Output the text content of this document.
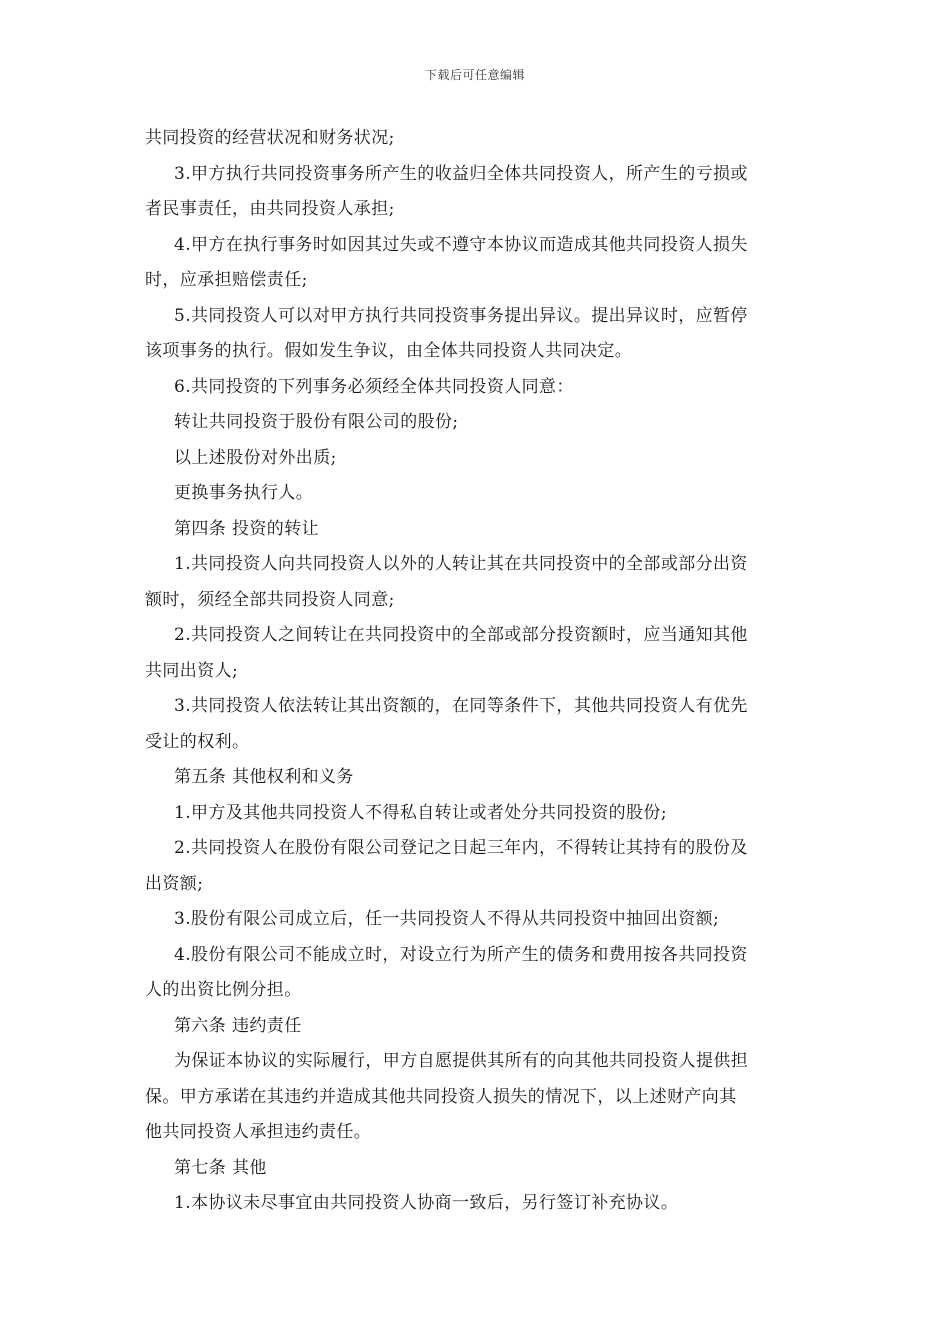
下载后可任意编辑
共同投资的经营状况和财务状况;
3.甲方执行共同投资事务所产生的收益归全体共同投资人，所产生的亏损或
者民事责任，由共同投资人承担;
4.甲方在执行事务时如因其过失或不遵守本协议而造成其他共同投资人损失
时，应承担赔偿责任;
5.共同投资人可以对甲方执行共同投资事务提出异议。提出异议时，应暂停
该项事务的执行。假如发生争议，由全体共同投资人共同决定。
6.共同投资的下列事务必须经全体共同投资人同意：
转让共同投资于股份有限公司的股份;
以上述股份对外出质;
更换事务执行人。
第四条 投资的转让
1.共同投资人向共同投资人以外的人转让其在共同投资中的全部或部分出资
额时，须经全部共同投资人同意;
2.共同投资人之间转让在共同投资中的全部或部分投资额时，应当通知其他
共同出资人;
3.共同投资人依法转让其出资额的，在同等条件下，其他共同投资人有优先
受让的权利。
第五条 其他权利和义务
1.甲方及其他共同投资人不得私自转让或者处分共同投资的股份;
2.共同投资人在股份有限公司登记之日起三年内，不得转让其持有的股份及
出资额;
3.股份有限公司成立后，任一共同投资人不得从共同投资中抽回出资额;
4.股份有限公司不能成立时，对设立行为所产生的债务和费用按各共同投资
人的出资比例分担。
第六条 违约责任
为保证本协议的实际履行，甲方自愿提供其所有的向其他共同投资人提供担
保。甲方承诺在其违约并造成其他共同投资人损失的情况下，以上述财产向其
他共同投资人承担违约责任。
第七条 其他
1.本协议未尽事宜由共同投资人协商一致后，另行签订补充协议。
